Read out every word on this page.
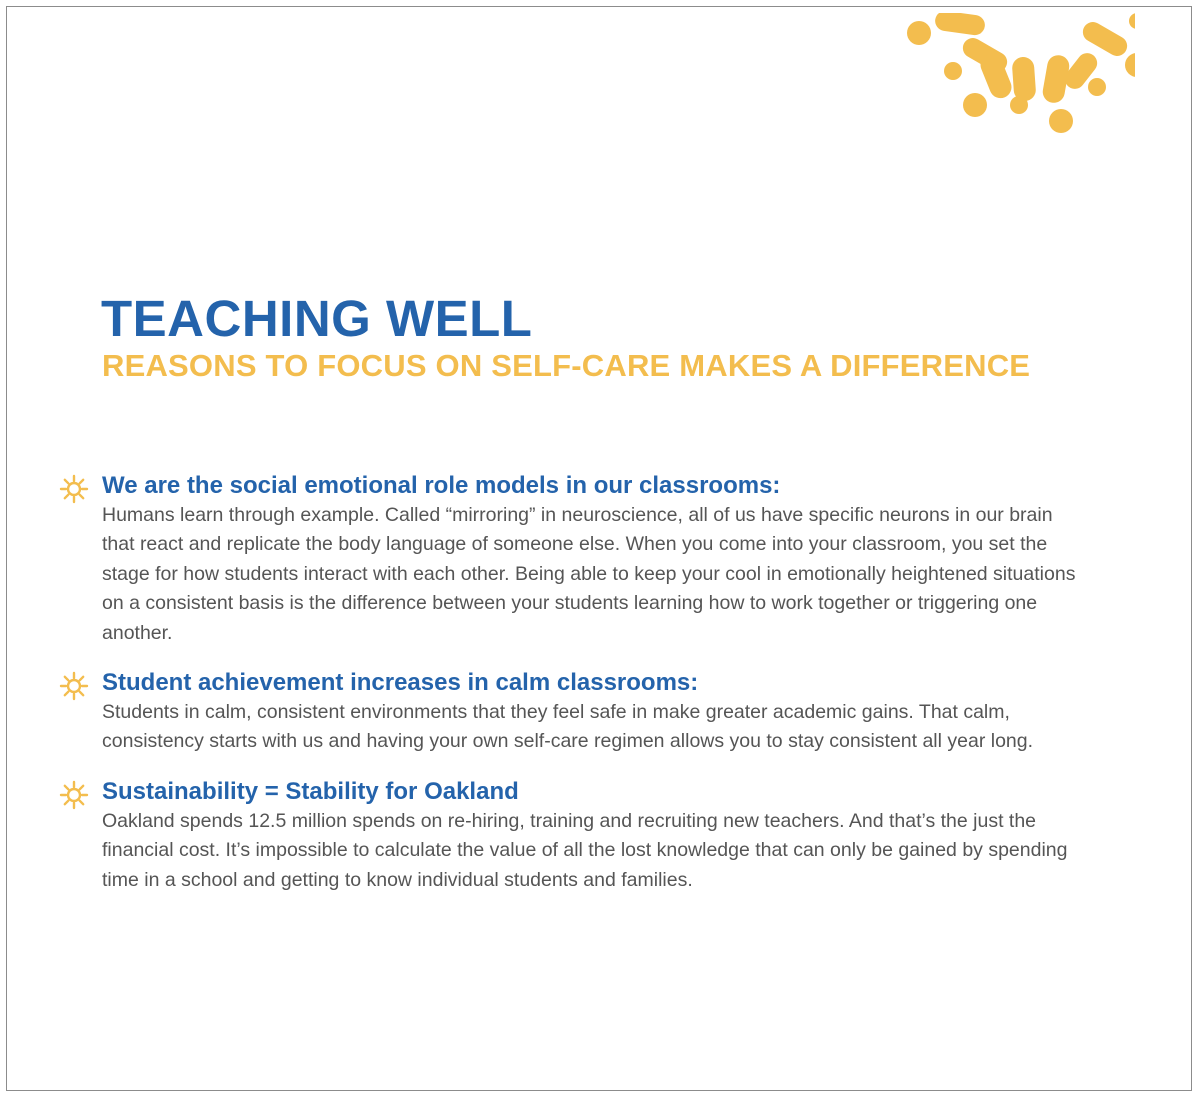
TEACHING WELL
REASONS TO FOCUS ON SELF-CARE MAKES A DIFFERENCE
We are the social emotional role models in our classrooms:

Humans learn through example. Called “mirroring” in neuroscience, all of us have specific neurons in our brain that react and replicate the body language of someone else. When you come into your classroom, you set the stage for how students interact with each other. Being able to keep your cool in emotionally heightened situations on a consistent basis is the difference between your students learning how to work together or triggering one another.

Student achievement increases in calm classrooms:

Students in calm, consistent environments that they feel safe in make greater academic gains. That calm, consistency starts with us and having your own self-care regimen allows you to stay consistent all year long.

Sustainability = Stability for Oakland

Oakland spends 12.5 million spends on re-hiring, training and recruiting new teachers. And that’s the just the financial cost. It’s impossible to calculate the value of all the lost knowledge that can only be gained by spending time in a school and getting to know individual students and families.
